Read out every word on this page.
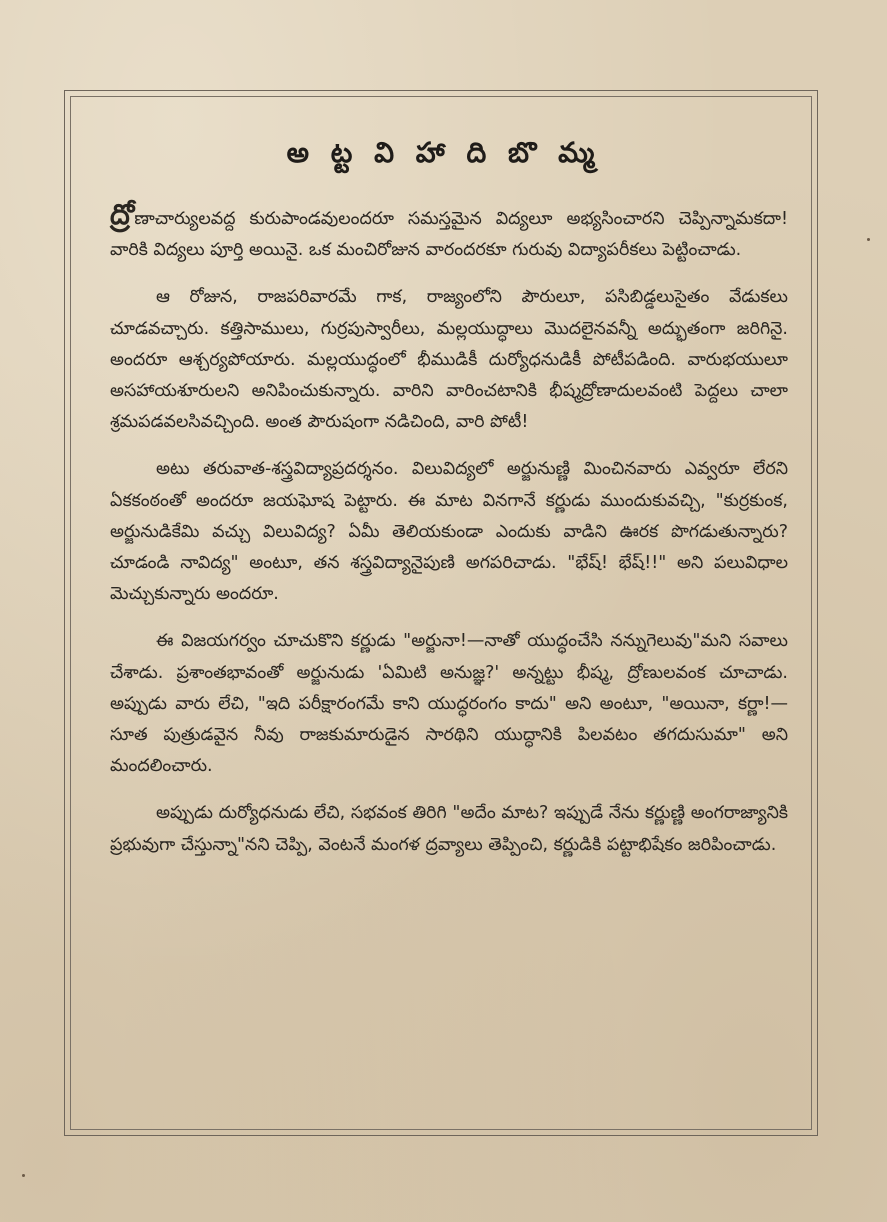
అ ట్ట వి హా ది బొ మ్మ

ద్రోణాచార్యులవద్ద కురుపాండవులందరూ సమస్తమైన విద్యలూ అభ్యసించారని చెప్పిన్నామకదా! వారికి విద్యలు పూర్తి అయినై. ఒక మంచిరోజున వారందరకూ గురువు విద్యాపరీకలు పెట్టించాడు.

ఆ రోజున, రాజపరివారమే గాక, రాజ్యంలోని పౌరులూ, పసిబిడ్డలుసైతం వేడుకలు చూడవచ్చారు. కత్తిసాములు, గుర్రపుస్వారీలు, మల్లయుద్ధాలు మొదలైనవన్నీ అద్భుతంగా జరిగినై. అందరూ ఆశ్చర్యపోయారు. మల్లయుద్ధంలో భీముడికీ దుర్యోధనుడికీ పోటీపడింది. వారుభయులూ అసహాయశూరులని అనిపించుకున్నారు. వారిని వారించటానికి భీష్మద్రోణాదులవంటి పెద్దలు చాలా శ్రమపడవలసివచ్చింది. అంత పౌరుషంగా నడిచింది, వారి పోటీ!

అటు తరువాత-శస్త్రవిద్యాప్రదర్శనం. విలువిద్యలో అర్జునుణ్ణి మించినవారు ఎవ్వరూ లేరని ఏకకంఠంతో అందరూ జయఘోష పెట్టారు. ఈ మాట వినగానే కర్ణుడు ముందుకువచ్చి, "కుర్రకుంక, అర్జునుడికేమి వచ్చు విలువిద్య? ఏమీ తెలియకుండా ఎందుకు వాడిని ఊరక పొగడుతున్నారు? చూడండి నావిద్య" అంటూ, తన శస్త్రవిద్యానైపుణి అగపరిచాడు. "భేష్! భేష్!!" అని పలువిధాల మెచ్చుకున్నారు అందరూ.

ఈ విజయగర్వం చూచుకొని కర్ణుడు "అర్జునా!—నాతో యుద్ధంచేసి నన్నుగెలువు"మని సవాలు చేశాడు. ప్రశాంతభావంతో అర్జునుడు 'ఏమిటి అనుజ్ఞ?' అన్నట్టు భీష్మ, ద్రోణులవంక చూచాడు. అప్పుడు వారు లేచి, "ఇది పరీక్షారంగమే కాని యుద్ధరంగం కాదు" అని అంటూ, "అయినా, కర్ణా!—సూత పుత్రుడవైన నీవు రాజకుమారుడైన సారథిని యుద్ధానికి పిలవటం తగదుసుమా" అని మందలించారు.

అప్పుడు దుర్యోధనుడు లేచి, సభవంక తిరిగి "అదేం మాట? ఇప్పుడే నేను కర్ణుణ్ణి అంగరాజ్యానికి ప్రభువుగా చేస్తున్నా"నని చెప్పి, వెంటనే మంగళ ద్రవ్యాలు తెప్పించి, కర్ణుడికి పట్టాభిషేకం జరిపించాడు.
